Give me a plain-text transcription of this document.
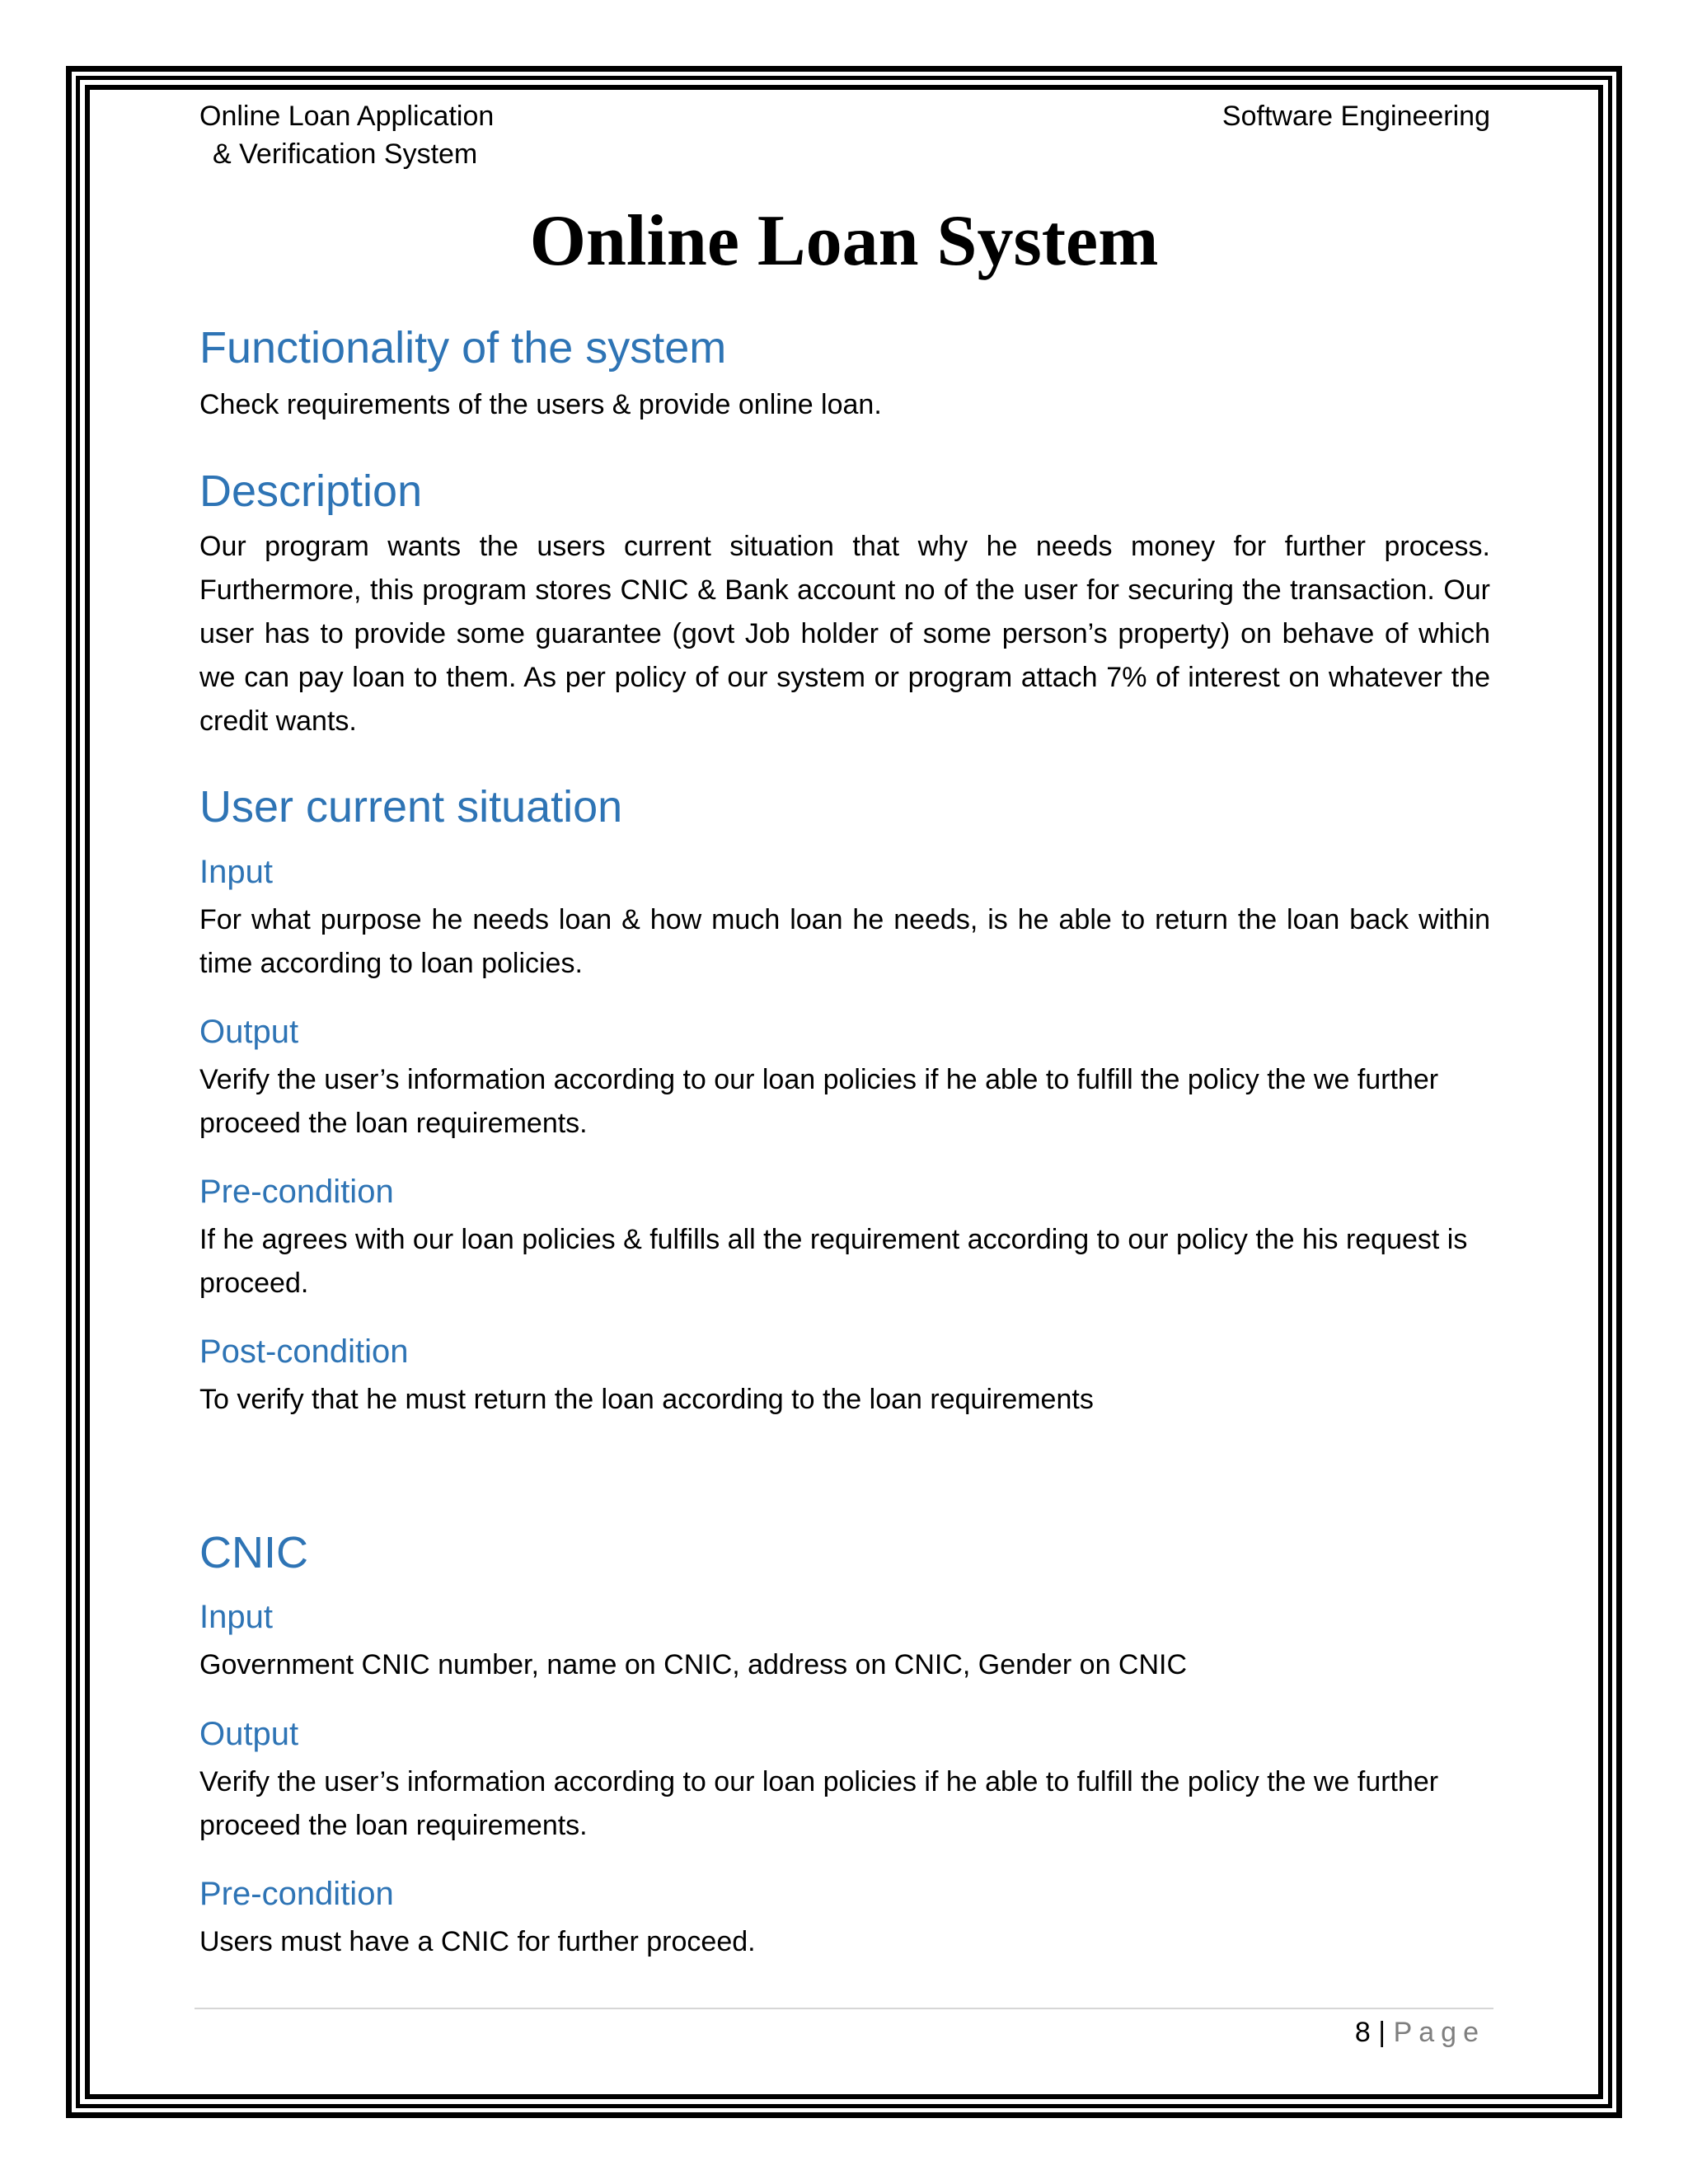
Online Loan Application
& Verification System
Software Engineering
Online Loan System
Functionality of the system
Check requirements of the users & provide online loan.
Description
Our program wants the users current situation that why he needs money for further process. Furthermore, this program stores CNIC & Bank account no of the user for securing the transaction. Our user has to provide some guarantee (govt Job holder of some person’s property) on behave of which we can pay loan to them. As per policy of our system or program attach 7% of interest on whatever the credit wants.
User current situation
Input
For what purpose he needs loan & how much loan he needs, is he able to return the loan back within time according to loan policies.
Output
Verify the user’s information according to our loan policies if he able to fulfill the policy the we further proceed the loan requirements.
Pre-condition
If he agrees with our loan policies & fulfills all the requirement according to our policy the his request is proceed.
Post-condition
To verify that he must return the loan according to the loan requirements
CNIC
Input
Government CNIC number, name on CNIC, address on CNIC, Gender on CNIC
Output
Verify the user’s information according to our loan policies if he able to fulfill the policy the we further proceed the loan requirements.
Pre-condition
Users must have a CNIC for further proceed.
8 | Page
